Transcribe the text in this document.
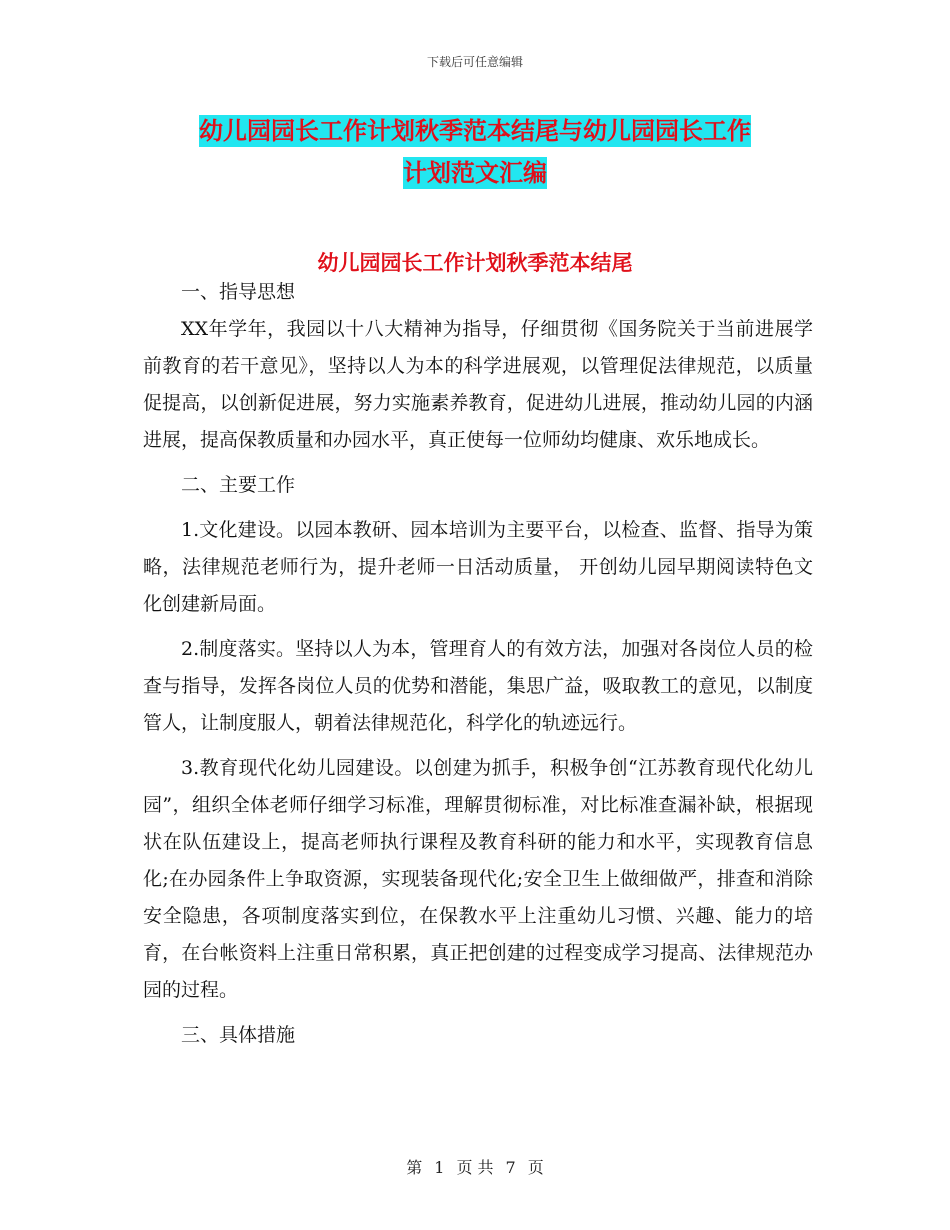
下载后可任意编辑
幼儿园园长工作计划秋季范本结尾与幼儿园园长工作
计划范文汇编
幼儿园园长工作计划秋季范本结尾

一、指导思想

XX年学年，我园以十八大精神为指导，仔细贯彻《国务院关于当前进展学前教育的若干意见》，坚持以人为本的科学进展观，以管理促法律规范，以质量促提高，以创新促进展，努力实施素养教育，促进幼儿进展，推动幼儿园的内涵进展，提高保教质量和办园水平，真正使每一位师幼均健康、欢乐地成长。

二、主要工作

1.文化建设。以园本教研、园本培训为主要平台，以检查、监督、指导为策略，法律规范老师行为，提升老师一日活动质量， 开创幼儿园早期阅读特色文化创建新局面。

2.制度落实。坚持以人为本，管理育人的有效方法，加强对各岗位人员的检查与指导，发挥各岗位人员的优势和潜能，集思广益，吸取教工的意见，以制度管人，让制度服人，朝着法律规范化，科学化的轨迹远行。

3.教育现代化幼儿园建设。以创建为抓手，积极争创“江苏教育现代化幼儿园”，组织全体老师仔细学习标准，理解贯彻标准，对比标准查漏补缺，根据现状在队伍建设上，提高老师执行课程及教育科研的能力和水平，实现教育信息化;在办园条件上争取资源，实现装备现代化;安全卫生上做细做严，排查和消除安全隐患，各项制度落实到位，在保教水平上注重幼儿习惯、兴趣、能力的培育，在台帐资料上注重日常积累，真正把创建的过程变成学习提高、法律规范办园的过程。

三、具体措施

第 1 页 共 7 页
